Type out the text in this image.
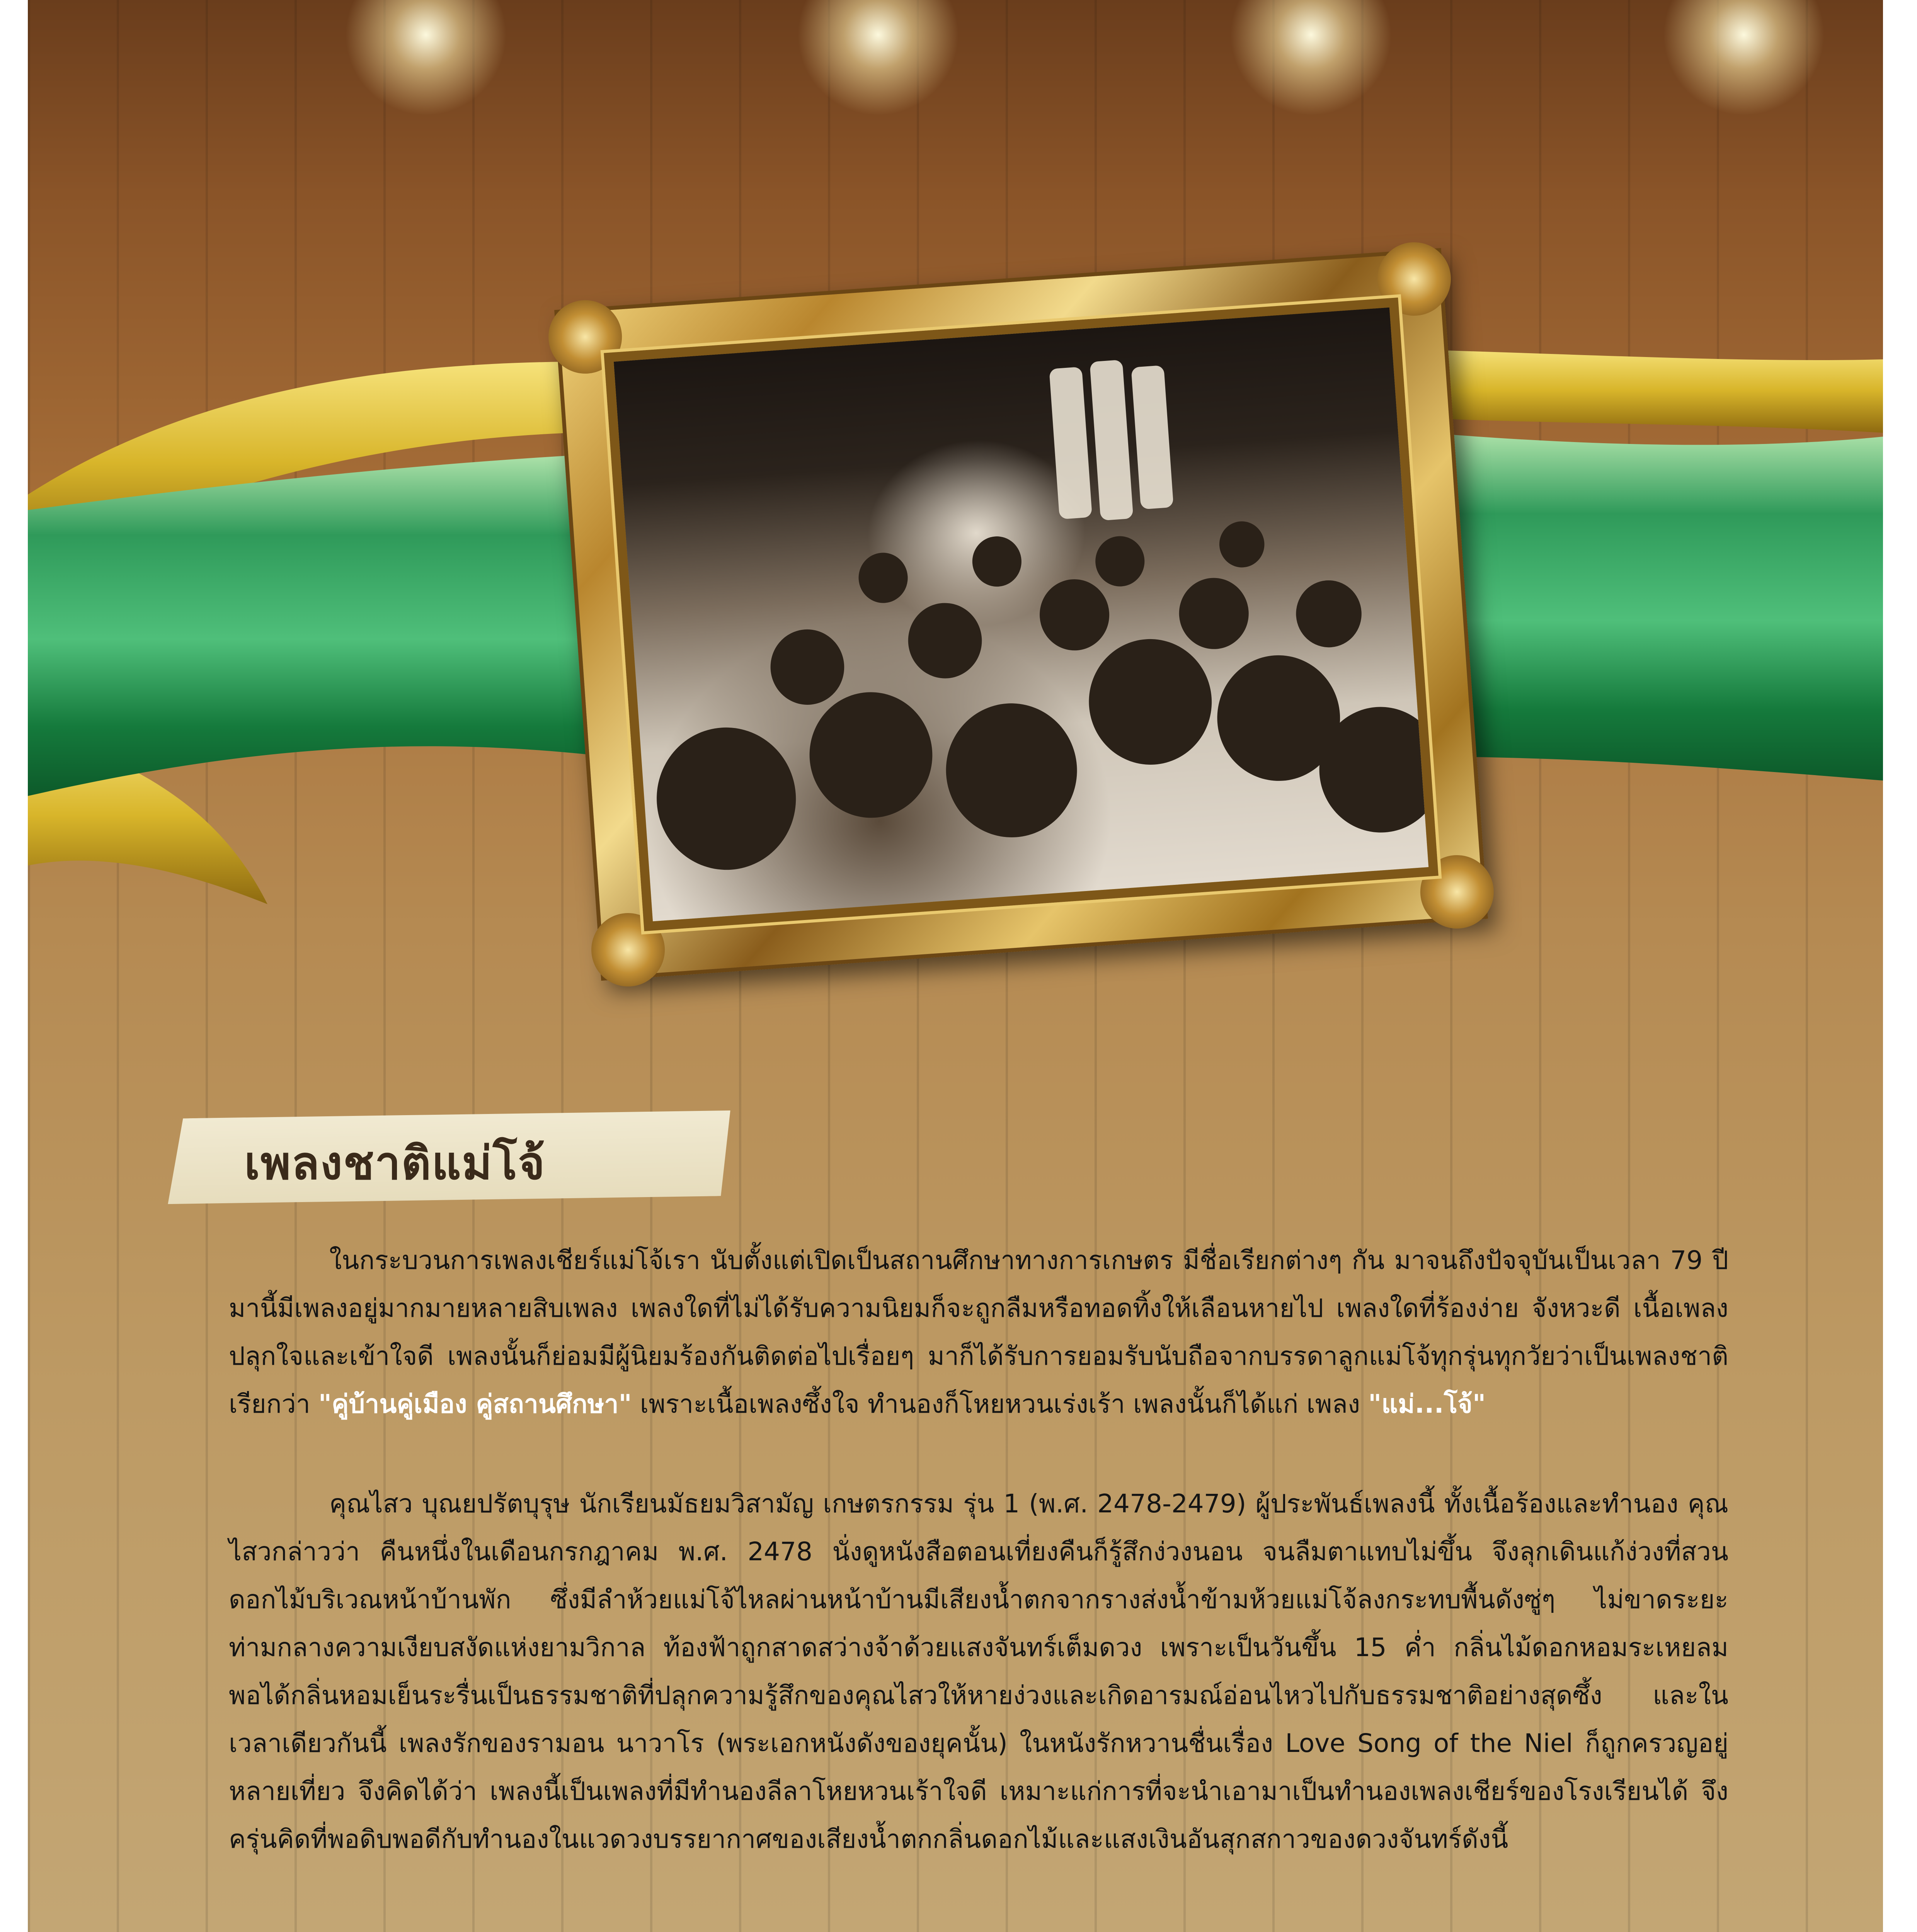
เพลงชาติแม่โจ้

ในกระบวนการเพลงเชียร์แม่โจ้เรา นับตั้งแต่เปิดเป็นสถานศึกษาทางการเกษตร มีชื่อเรียกต่างๆ กัน มาจนถึงปัจจุบันเป็นเวลา 79 ปี มานี้มีเพลงอยู่มากมายหลายสิบเพลง เพลงใดที่ไม่ได้รับความนิยมก็จะถูกลืมหรือทอดทิ้งให้เลือนหายไป เพลงใดที่ร้องง่าย จังหวะดี เนื้อเพลงปลุกใจและเข้าใจดี เพลงนั้นก็ย่อมมีผู้นิยมร้องกันติดต่อไปเรื่อยๆ มาก็ได้รับการยอมรับนับถือจากบรรดาลูกแม่โจ้ทุกรุ่นทุกวัยว่าเป็นเพลงชาติ เรียกว่า "คู่บ้านคู่เมือง คู่สถานศึกษา" เพราะเนื้อเพลงซึ้งใจ ทำนองก็โหยหวนเร่งเร้า เพลงนั้นก็ได้แก่ เพลง "แม่...โจ้"

คุณไสว บุณยปรัตบุรุษ นักเรียนมัธยมวิสามัญ เกษตรกรรม รุ่น 1 (พ.ศ. 2478-2479) ผู้ประพันธ์เพลงนี้ ทั้งเนื้อร้องและทำนอง คุณไสวกล่าวว่า คืนหนึ่งในเดือนกรกฎาคม พ.ศ. 2478 นั่งดูหนังสือตอนเที่ยงคืนก็รู้สึกง่วงนอน จนลืมตาแทบไม่ขึ้น จึงลุกเดินแก้ง่วงที่สวนดอกไม้บริเวณหน้าบ้านพัก ซึ่งมีลำห้วยแม่โจ้ไหลผ่านหน้าบ้านมีเสียงน้ำตกจากรางส่งน้ำข้ามห้วยแม่โจ้ลงกระทบพื้นดังซู่ๆ ไม่ขาดระยะท่ามกลางความเงียบสงัดแห่งยามวิกาล ท้องฟ้าถูกสาดสว่างจ้าด้วยแสงจันทร์เต็มดวง เพราะเป็นวันขึ้น 15 ค่ำ กลิ่นไม้ดอกหอมระเหยลม พอได้กลิ่นหอมเย็นระรื่นเป็นธรรมชาติที่ปลุกความรู้สึกของคุณไสวให้หายง่วงและเกิดอารมณ์อ่อนไหวไปกับธรรมชาติอย่างสุดซึ้ง และในเวลาเดียวกันนี้ เพลงรักของรามอน นาวาโร (พระเอกหนังดังของยุคนั้น) ในหนังรักหวานชื่นเรื่อง Love Song of the Niel ก็ถูกครวญอยู่หลายเที่ยว จึงคิดได้ว่า เพลงนี้เป็นเพลงที่มีทำนองลีลาโหยหวนเร้าใจดี เหมาะแก่การที่จะนำเอามาเป็นทำนองเพลงเชียร์ของโรงเรียนได้ จึงครุ่นคิดที่พอดิบพอดีกับทำนองในแวดวงบรรยากาศของเสียงน้ำตกกลิ่นดอกไม้และแสงเงินอันสุกสกาวของดวงจันทร์ดังนี้
